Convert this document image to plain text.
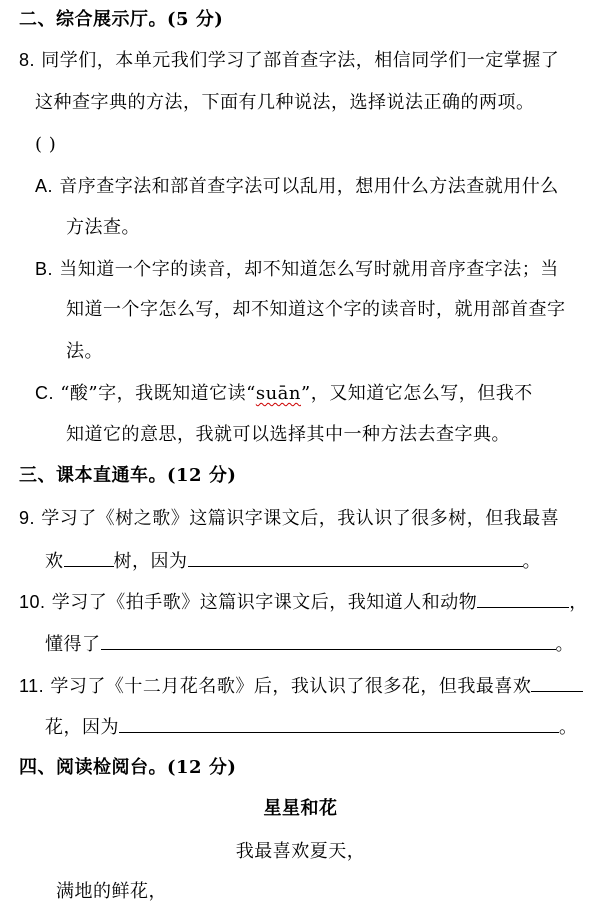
二、综合展示厅。(5 分)
8. 同学们，本单元我们学习了部首查字法，相信同学们一定掌握了
这种查字典的方法，下面有几种说法，选择说法正确的两项。
( )
A. 音序查字法和部首查字法可以乱用，想用什么方法查就用什么
方法查。
B. 当知道一个字的读音，却不知道怎么写时就用音序查字法；当
知道一个字怎么写，却不知道这个字的读音时，就用部首查字
法。
C. “酸”字，我既知道它读“suān”，又知道它怎么写，但我不
知道它的意思，我就可以选择其中一种方法去查字典。
三、课本直通车。(12 分)
9. 学习了《树之歌》这篇识字课文后，我认识了很多树，但我最喜
欢	树，因为	。
10. 学习了《拍手歌》这篇识字课文后，我知道人和动物	，
懂得了	。
11. 学习了《十二月花名歌》后，我认识了很多花，但我最喜欢
花，因为	。
四、阅读检阅台。(12 分)
星星和花
我最喜欢夏天，
满地的鲜花，
